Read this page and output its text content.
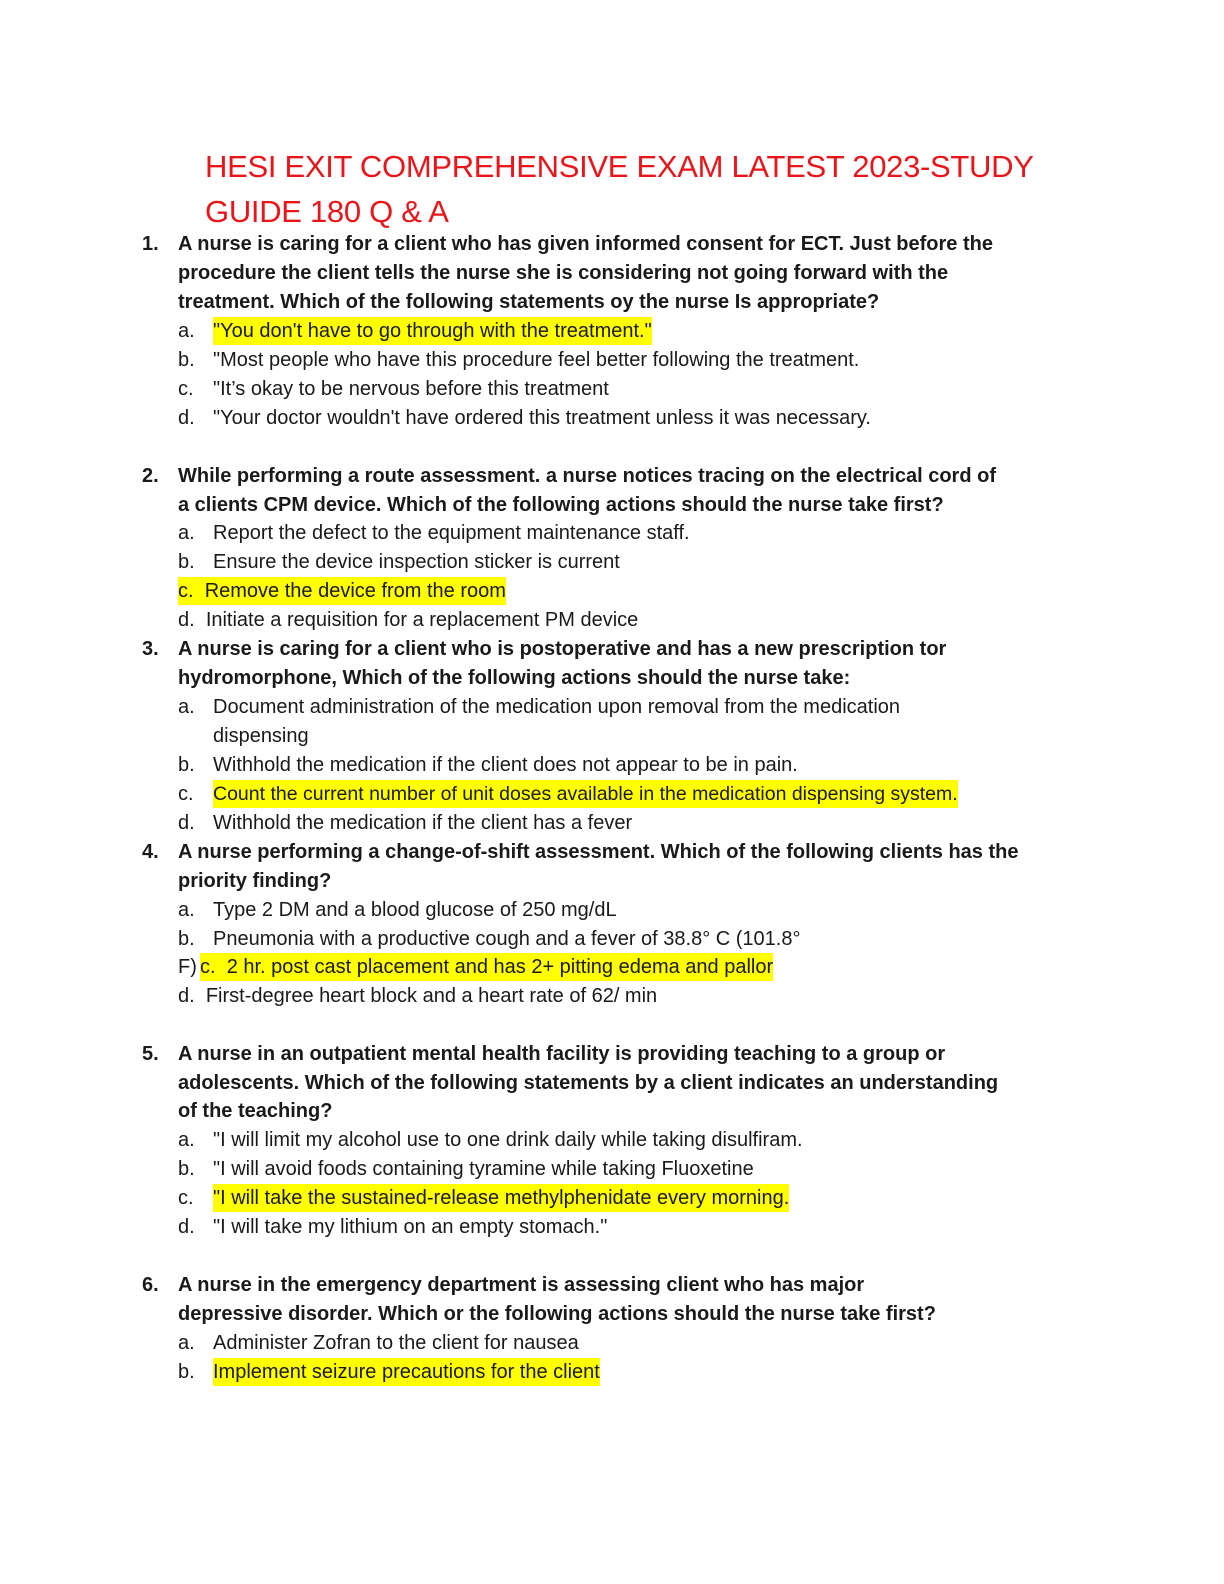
HESI EXIT COMPREHENSIVE EXAM LATEST 2023-STUDY
GUIDE 180 Q & A
1. A nurse is caring for a client who has given informed consent for ECT. Just before the
procedure the client tells the nurse she is considering not going forward with the
treatment. Which of the following statements oy the nurse Is appropriate?
a. "You don't have to go through with the treatment."
b. "Most people who have this procedure feel better following the treatment.
c. "It’s okay to be nervous before this treatment
d. "Your doctor wouldn't have ordered this treatment unless it was necessary.
2. While performing a route assessment. a nurse notices tracing on the electrical cord of
a clients CPM device. Which of the following actions should the nurse take first?
a. Report the defect to the equipment maintenance staff.
b. Ensure the device inspection sticker is current
c. Remove the device from the room
d. Initiate a requisition for a replacement PM device
3. A nurse is caring for a client who is postoperative and has a new prescription tor
hydromorphone, Which of the following actions should the nurse take:
a. Document administration of the medication upon removal from the medication
dispensing
b. Withhold the medication if the client does not appear to be in pain.
c. Count the current number of unit doses available in the medication dispensing system.
d. Withhold the medication if the client has a fever
4. A nurse performing a change-of-shift assessment. Which of the following clients has the
priority finding?
a. Type 2 DM and a blood glucose of 250 mg/dL
b. Pneumonia with a productive cough and a fever of 38.8° C (101.8°
F) c. 2 hr. post cast placement and has 2+ pitting edema and pallor
d. First-degree heart block and a heart rate of 62/ min
5. A nurse in an outpatient mental health facility is providing teaching to a group or
adolescents. Which of the following statements by a client indicates an understanding
of the teaching?
a. "I will limit my alcohol use to one drink daily while taking disulfiram.
b. "I will avoid foods containing tyramine while taking Fluoxetine
c. "I will take the sustained-release methylphenidate every morning.
d. "I will take my lithium on an empty stomach."
6. A nurse in the emergency department is assessing client who has major
depressive disorder. Which or the following actions should the nurse take first?
a. Administer Zofran to the client for nausea
b. Implement seizure precautions for the client
